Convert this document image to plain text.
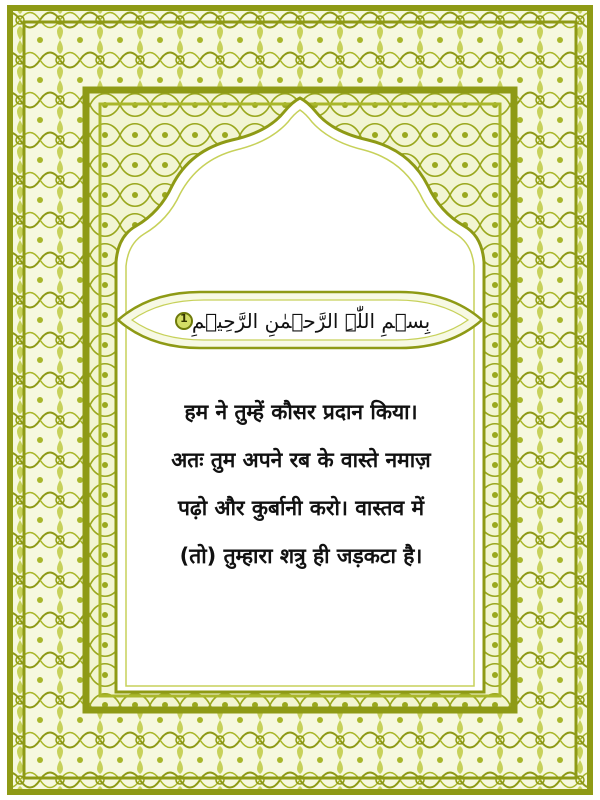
بِسۡمِ اللّٰہِ الرَّحۡمٰنِ الرَّحِیۡمِ
1
हम ने तुम्हें कौसर प्रदान किया।
अतः तुम अपने रब के वास्ते नमाज़
पढ़ो और कुर्बानी करो। वास्तव में
(तो) तुम्हारा शत्रु ही जड़कटा है।
